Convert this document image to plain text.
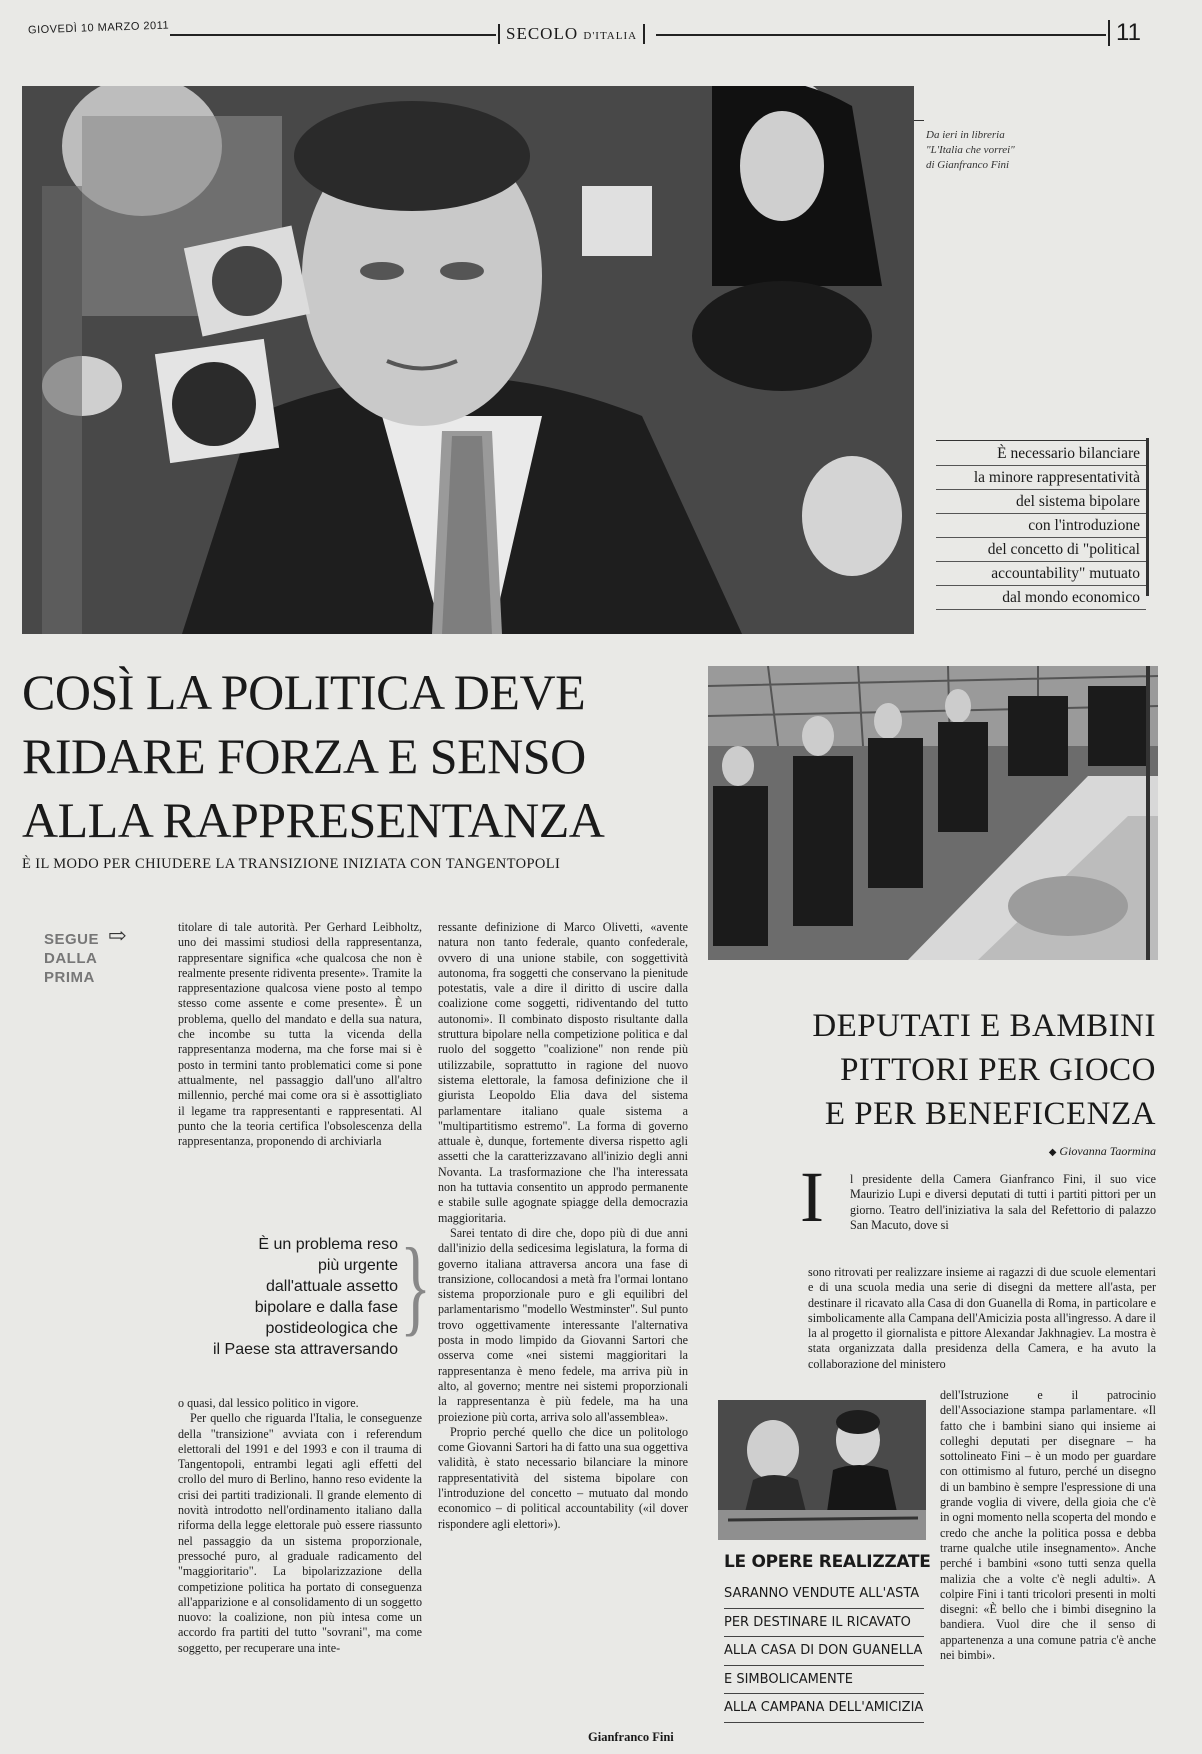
GIOVEDÌ 10 MARZO 2011	SECOLO D'ITALIA	11
Da ieri in libreria
"L'Italia che vorrei"
di Gianfranco Fini
È necessario bilanciare
la minore rappresentatività
del sistema bipolare
con l'introduzione
del concetto di "political
accountability" mutuato
dal mondo economico
COSÌ LA POLITICA DEVE
RIDARE FORZA E SENSO
ALLA RAPPRESENTANZA
È IL MODO PER CHIUDERE LA TRANSIZIONE INIZIATA CON TANGENTOPOLI
SEGUE
DALLA
PRIMA
⇨	titolare di tale autorità. Per Gerhard Leibholtz, uno dei massimi studiosi della rappresentanza, rappresentare significa «che qualcosa che non è realmente presente ridiventa presente». Tramite la rappresentazione qualcosa viene posto al tempo stesso come assente e come presente». È un problema, quello del mandato e della sua natura, che incombe su tutta la vicenda della rappresentanza moderna, ma che forse mai si è posto in termini tanto problematici come si pone attualmente, nel passaggio dall'uno all'altro millennio, perché mai come ora si è assottigliato il legame tra rappresentanti e rappresentati. Al punto che la teoria certifica l'obsolescenza della rappresentanza, proponendo di archiviarla

È un problema reso
più urgente
dall'attuale assetto
bipolare e dalla fase
postideologica che
il Paese sta attraversando
}

o quasi, dal lessico politico in vigore.

Per quello che riguarda l'Italia, le conseguenze della "transizione" avviata con i referendum elettorali del 1991 e del 1993 e con il trauma di Tangentopoli, entrambi legati agli effetti del crollo del muro di Berlino, hanno reso evidente la crisi dei partiti tradizionali. Il grande elemento di novità introdotto nell'ordinamento italiano dalla riforma della legge elettorale può essere riassunto nel passaggio da un sistema proporzionale, pressoché puro, al graduale radicamento del "maggioritario". La bipolarizzazione della competizione politica ha portato di conseguenza all'apparizione e al consolidamento di un soggetto nuovo: la coalizione, non più intesa come un accordo fra partiti del tutto "sovrani", ma come soggetto, per recuperare una inte-

ressante definizione di Marco Olivetti, «avente natura non tanto federale, quanto confederale, ovvero di una unione stabile, con soggettività autonoma, fra soggetti che conservano la pienitude potestatis, vale a dire il diritto di uscire dalla coalizione come soggetti, ridiventando del tutto autonomi». Il combinato disposto risultante dalla struttura bipolare nella competizione politica e dal ruolo del soggetto "coalizione" non rende più utilizzabile, soprattutto in ragione del nuovo sistema elettorale, la famosa definizione che il giurista Leopoldo Elia dava del sistema parlamentare italiano quale sistema a "multipartitismo estremo". La forma di governo attuale è, dunque, fortemente diversa rispetto agli assetti che la caratterizzavano all'inizio degli anni Novanta. La trasformazione che l'ha interessata non ha tuttavia consentito un approdo permanente e stabile sulle agognate spiagge della democrazia maggioritaria.

Sarei tentato di dire che, dopo più di due anni dall'inizio della sedicesima legislatura, la forma di governo italiana attraversa ancora una fase di transizione, collocandosi a metà fra l'ormai lontano sistema proporzionale puro e gli equilibri del parlamentarismo "modello Westminster". Sul punto trovo oggettivamente interessante l'alternativa posta in modo limpido da Giovanni Sartori che osserva come «nei sistemi maggioritari la rappresentanza è meno fedele, ma arriva più in alto, al governo; mentre nei sistemi proporzionali la rappresentanza è più fedele, ma ha una proiezione più corta, arriva solo all'assemblea».

Proprio perché quello che dice un politologo come Giovanni Sartori ha di fatto una sua oggettiva validità, è stato necessario bilanciare la minore rappresentatività del sistema bipolare con l'introduzione del concetto – mutuato dal mondo economico – di political accountability («il dover rispondere agli elettori»).

Gianfranco Fini
DEPUTATI E BAMBINI
PITTORI PER GIOCO
E PER BENEFICENZA
◆ Giovanna Taormina
I l presidente della Camera Gianfranco Fini, il suo vice Maurizio Lupi e diversi deputati di tutti i partiti pittori per un giorno. Teatro dell'iniziativa la sala del Refettorio di palazzo San Macuto, dove si
sono ritrovati per realizzare insieme ai ragazzi di due scuole elementari e di una scuola media una serie di disegni da mettere all'asta, per destinare il ricavato alla Casa di don Guanella di Roma, in particolare e simbolicamente alla Campana dell'Amicizia posta all'ingresso. A dare il la al progetto il giornalista e pittore Alexandar Jakhnagiev. La mostra è stata organizzata dalla presidenza della Camera, e ha avuto la collaborazione del ministero
dell'Istruzione e il patrocinio dell'Associazione stampa parlamentare. «Il fatto che i bambini siano qui insieme ai colleghi deputati per disegnare – ha sottolineato Fini – è un modo per guardare con ottimismo al futuro, perché un disegno di un bambino è sempre l'espressione di una grande voglia di vivere, della gioia che c'è in ogni momento nella scoperta del mondo e credo che anche la politica possa e debba trarne qualche utile insegnamento». Anche perché i bambini «sono tutti senza quella malizia che a volte c'è negli adulti». A colpire Fini i tanti tricolori presenti in molti disegni: «È bello che i bimbi disegnino la bandiera. Vuol dire che il senso di appartenenza a una comune patria c'è anche nei bimbi».
LE OPERE REALIZZATE
SARANNO VENDUTE ALL'ASTA
PER DESTINARE IL RICAVATO
ALLA CASA DI DON GUANELLA
E SIMBOLICAMENTE
ALLA CAMPANA DELL'AMICIZIA
